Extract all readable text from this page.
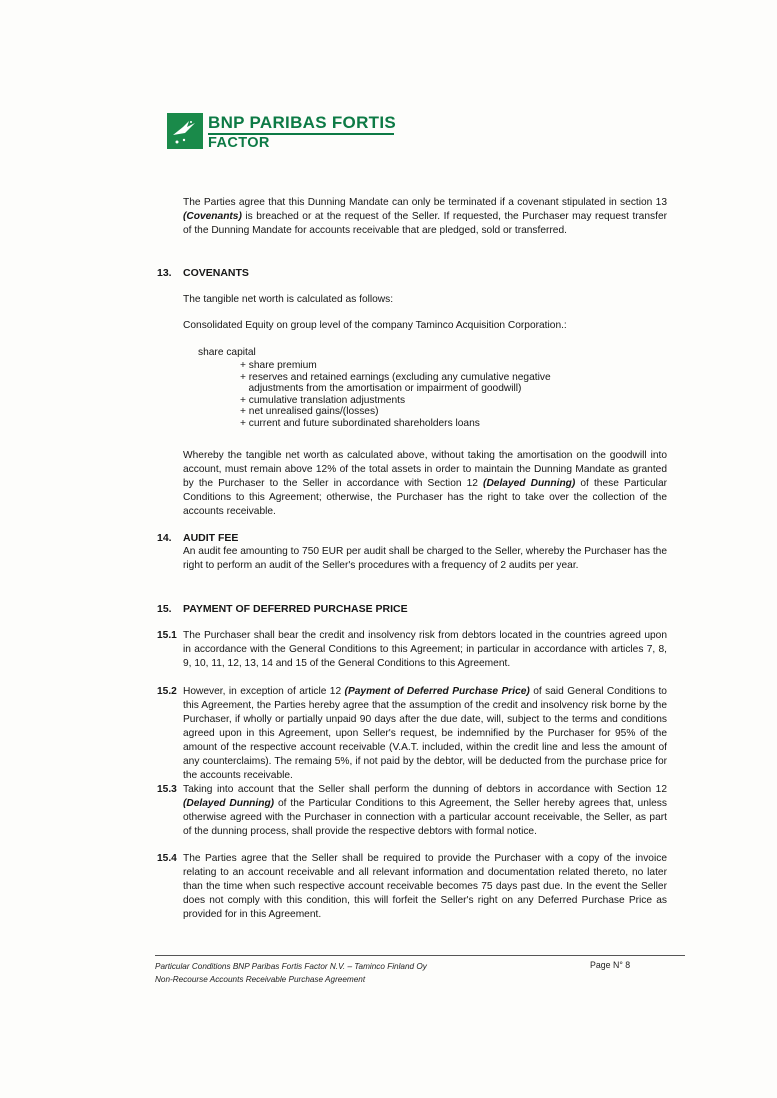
BNP PARIBAS FORTIS
FACTOR

The Parties agree that this Dunning Mandate can only be terminated if a covenant stipulated in section 13 (Covenants) is breached or at the request of the Seller. If requested, the Purchaser may request transfer of the Dunning Mandate for accounts receivable that are pledged, sold or transferred.

13. COVENANTS

The tangible net worth is calculated as follows:

Consolidated Equity on group level of the company Taminco Acquisition Corporation.:

share capital

+ share premium
+ reserves and retained earnings (excluding any cumulative negative
adjustments from the amortisation or impairment of goodwill)
+ cumulative translation adjustments
+ net unrealised gains/(losses)
+ current and future subordinated shareholders loans

Whereby the tangible net worth as calculated above, without taking the amortisation on the goodwill into account, must remain above 12% of the total assets in order to maintain the Dunning Mandate as granted by the Purchaser to the Seller in accordance with Section 12 (Delayed Dunning) of these Particular Conditions to this Agreement; otherwise, the Purchaser has the right to take over the collection of the accounts receivable.

14. AUDIT FEE

An audit fee amounting to 750 EUR per audit shall be charged to the Seller, whereby the Purchaser has the right to perform an audit of the Seller's procedures with a frequency of 2 audits per year.

15. PAYMENT OF DEFERRED PURCHASE PRICE
15.1 The Purchaser shall bear the credit and insolvency risk from debtors located in the countries agreed upon in accordance with the General Conditions to this Agreement; in particular in accordance with articles 7, 8, 9, 10, 11, 12, 13, 14 and 15 of the General Conditions to this Agreement.

15.2 However, in exception of article 12 (Payment of Deferred Purchase Price) of said General Conditions to this Agreement, the Parties hereby agree that the assumption of the credit and insolvency risk borne by the Purchaser, if wholly or partially unpaid 90 days after the due date, will, subject to the terms and conditions agreed upon in this Agreement, upon Seller's request, be indemnified by the Purchaser for 95% of the amount of the respective account receivable (V.A.T. included, within the credit line and less the amount of any counterclaims). The remaing 5%, if not paid by the debtor, will be deducted from the purchase price for the accounts receivable.

15.3 Taking into account that the Seller shall perform the dunning of debtors in accordance with Section 12 (Delayed Dunning) of the Particular Conditions to this Agreement, the Seller hereby agrees that, unless otherwise agreed with the Purchaser in connection with a particular account receivable, the Seller, as part of the dunning process, shall provide the respective debtors with formal notice.

15.4 The Parties agree that the Seller shall be required to provide the Purchaser with a copy of the invoice relating to an account receivable and all relevant information and documentation related thereto, no later than the time when such respective account receivable becomes 75 days past due. In the event the Seller does not comply with this condition, this will forfeit the Seller's right on any Deferred Purchase Price as provided for in this Agreement.

Particular Conditions BNP Paribas Fortis Factor N.V. – Taminco Finland Oy
Non-Recourse Accounts Receivable Purchase Agreement
Page N° 8
